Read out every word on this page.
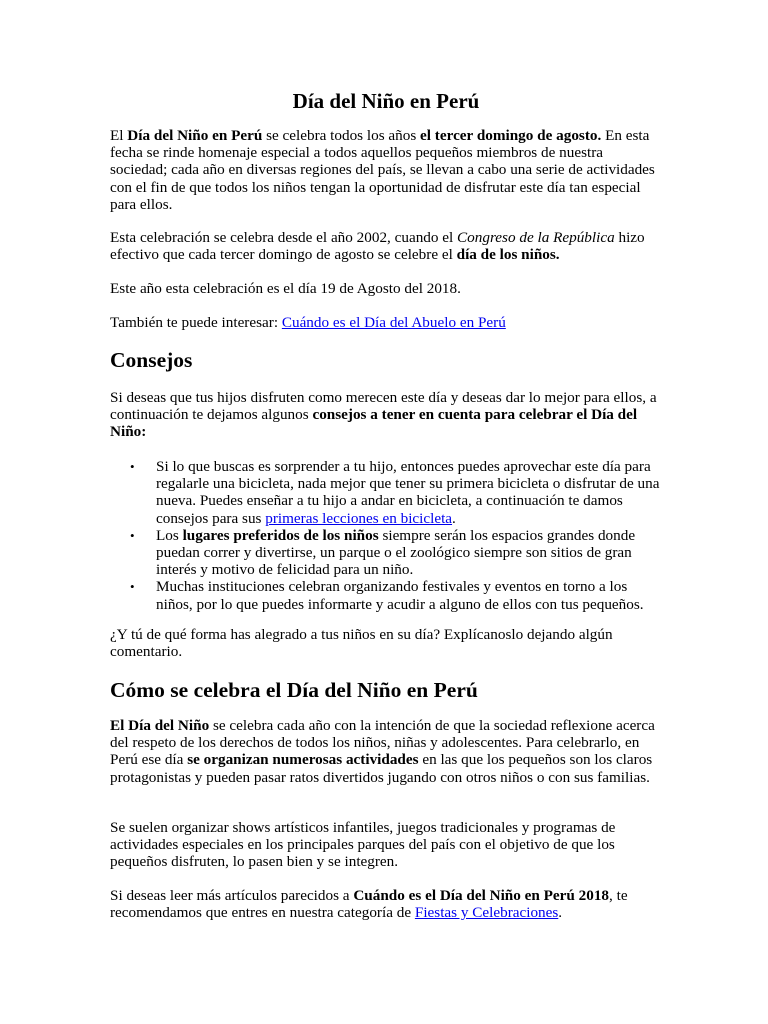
Día del Niño en Perú

El Día del Niño en Perú se celebra todos los años el tercer domingo de agosto. En esta fecha se rinde homenaje especial a todos aquellos pequeños miembros de nuestra sociedad; cada año en diversas regiones del país, se llevan a cabo una serie de actividades con el fin de que todos los niños tengan la oportunidad de disfrutar este día tan especial para ellos.

Esta celebración se celebra desde el año 2002, cuando el Congreso de la República hizo efectivo que cada tercer domingo de agosto se celebre el día de los niños.

Este año esta celebración es el día 19 de Agosto del 2018.

También te puede interesar: Cuándo es el Día del Abuelo en Perú

Consejos

Si deseas que tus hijos disfruten como merecen este día y deseas dar lo mejor para ellos, a continuación te dejamos algunos consejos a tener en cuenta para celebrar el Día del Niño:

• Si lo que buscas es sorprender a tu hijo, entonces puedes aprovechar este día para regalarle una bicicleta, nada mejor que tener su primera bicicleta o disfrutar de una nueva. Puedes enseñar a tu hijo a andar en bicicleta, a continuación te damos consejos para sus primeras lecciones en bicicleta.
• Los lugares preferidos de los niños siempre serán los espacios grandes donde puedan correr y divertirse, un parque o el zoológico siempre son sitios de gran interés y motivo de felicidad para un niño.
• Muchas instituciones celebran organizando festivales y eventos en torno a los niños, por lo que puedes informarte y acudir a alguno de ellos con tus pequeños.

¿Y tú de qué forma has alegrado a tus niños en su día? Explícanoslo dejando algún comentario.

Cómo se celebra el Día del Niño en Perú

El Día del Niño se celebra cada año con la intención de que la sociedad reflexione acerca del respeto de los derechos de todos los niños, niñas y adolescentes. Para celebrarlo, en Perú ese día se organizan numerosas actividades en las que los pequeños son los claros protagonistas y pueden pasar ratos divertidos jugando con otros niños o con sus familias.

Se suelen organizar shows artísticos infantiles, juegos tradicionales y programas de actividades especiales en los principales parques del país con el objetivo de que los pequeños disfruten, lo pasen bien y se integren.

Si deseas leer más artículos parecidos a Cuándo es el Día del Niño en Perú 2018, te recomendamos que entres en nuestra categoría de Fiestas y Celebraciones.
